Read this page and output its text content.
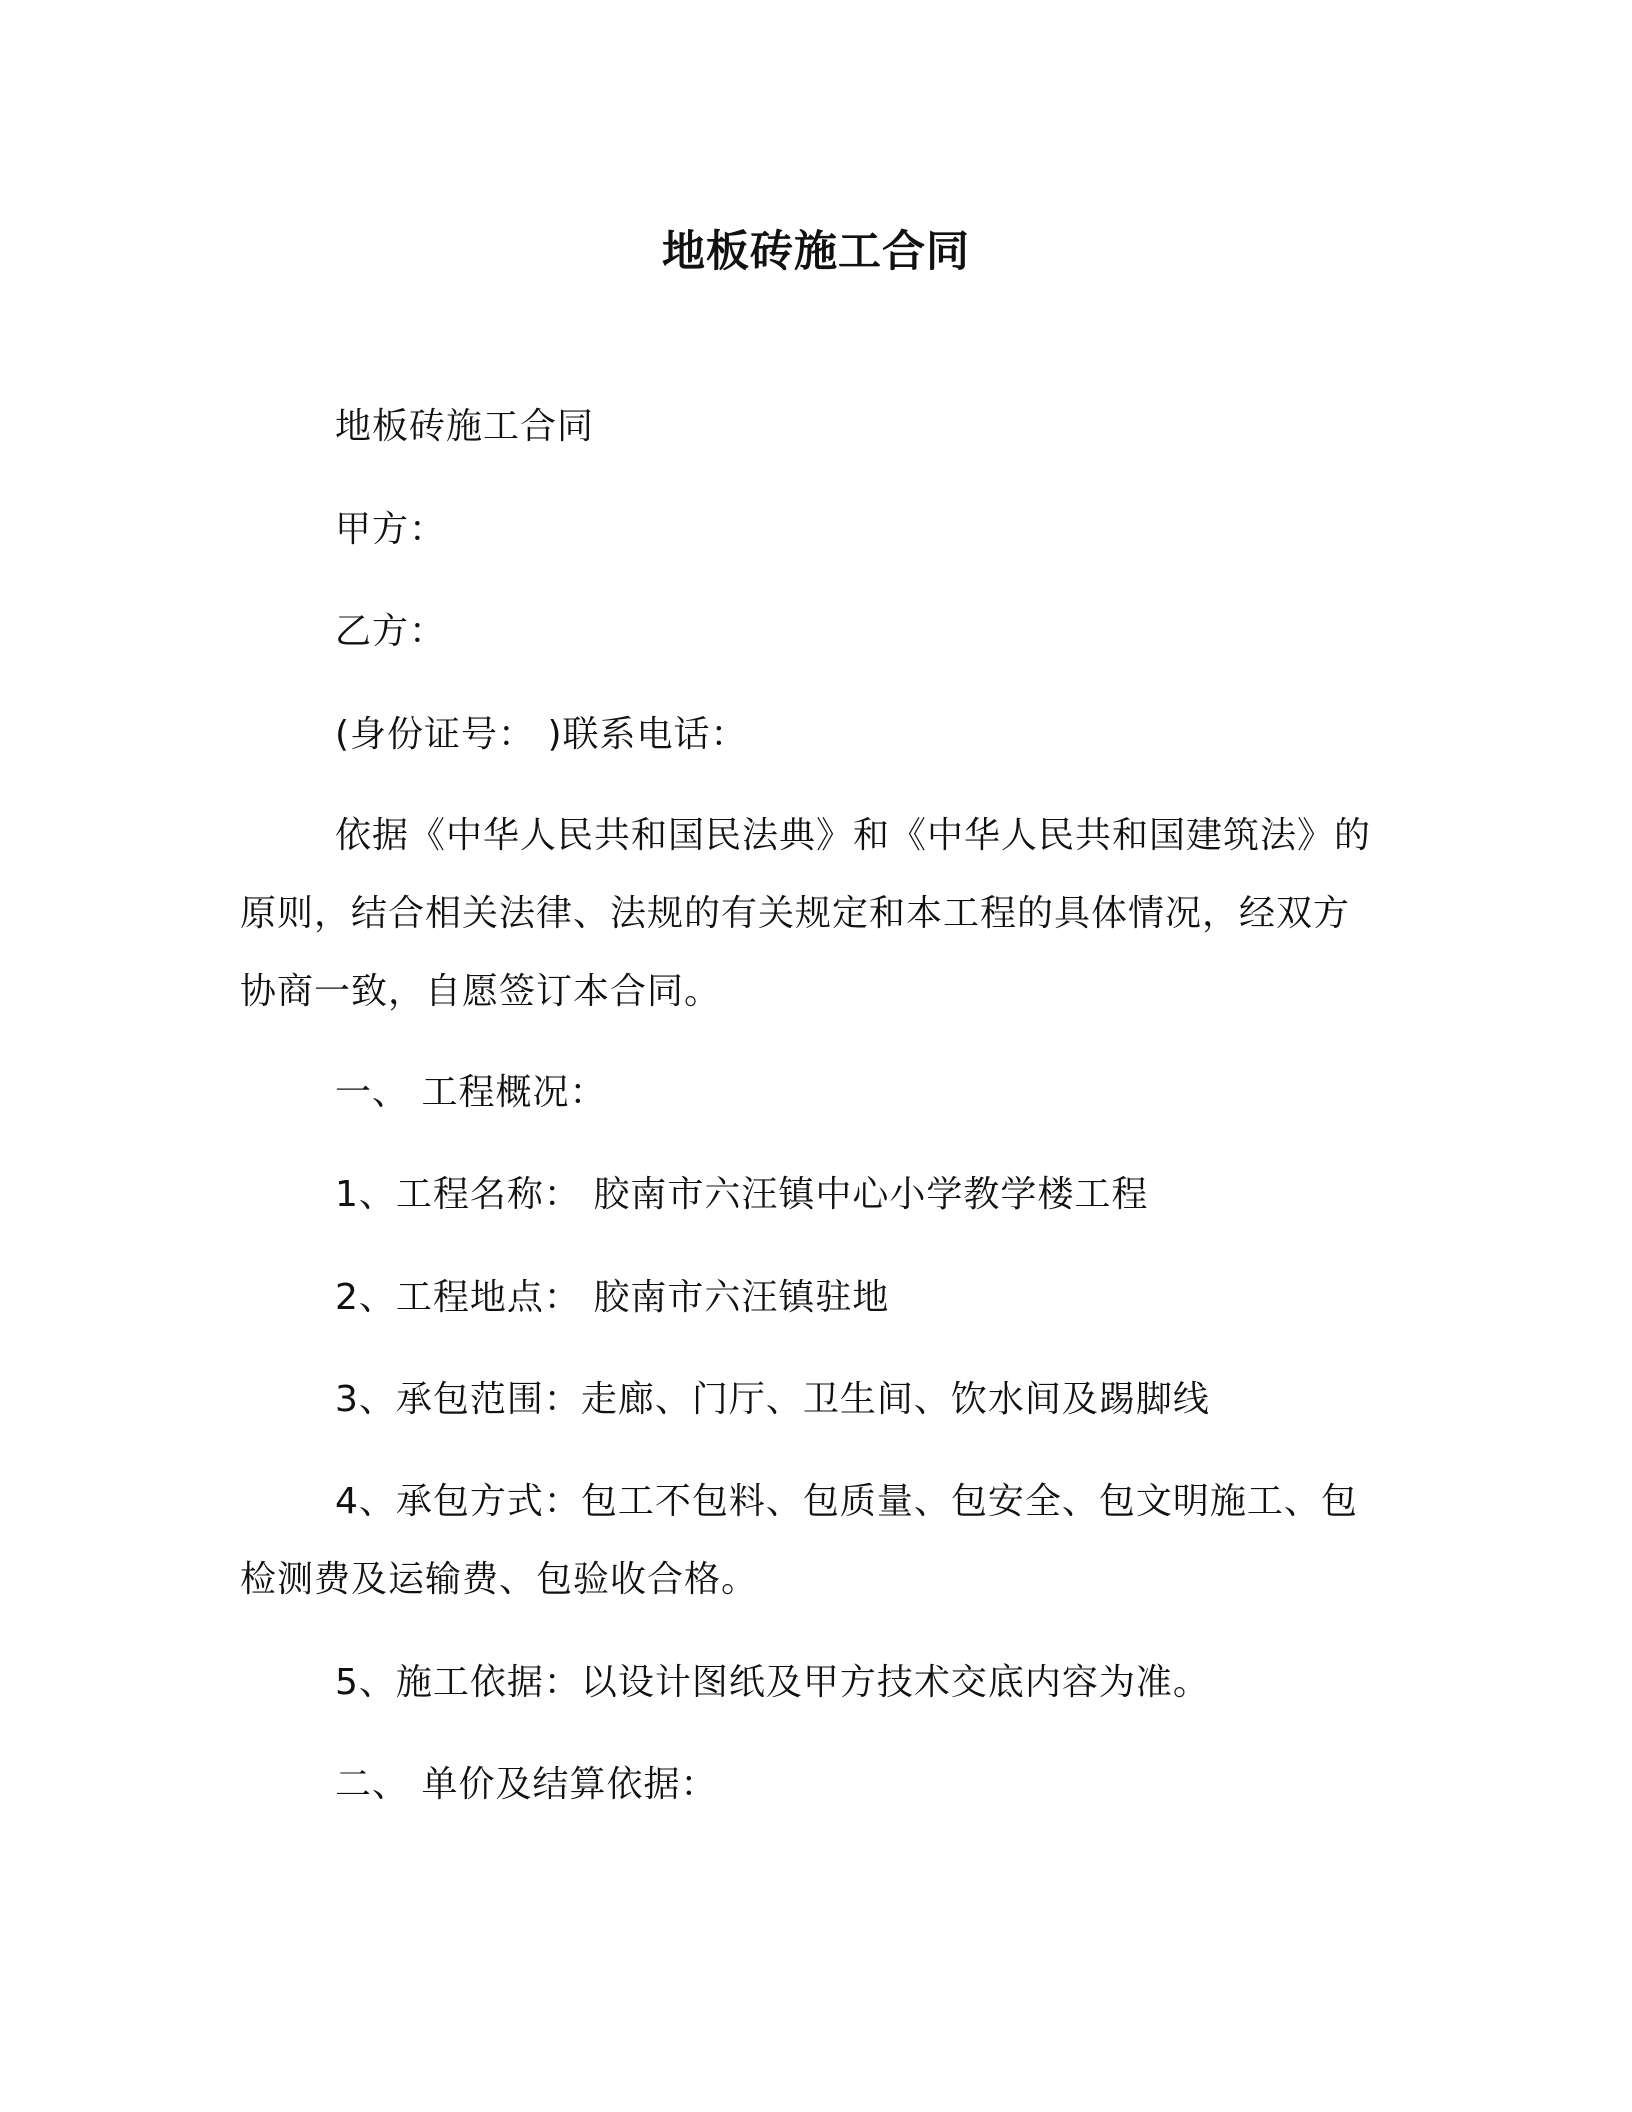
地板砖施工合同

地板砖施工合同

甲方：

乙方：

(身份证号： )联系电话：

依据《中华人民共和国民法典》和《中华人民共和国建筑法》的

原则，结合相关法律、法规的有关规定和本工程的具体情况，经双方

协商一致，自愿签订本合同。

一、 工程概况：

1、工程名称： 胶南市六汪镇中心小学教学楼工程

2、工程地点： 胶南市六汪镇驻地

3、承包范围：走廊、门厅、卫生间、饮水间及踢脚线

4、承包方式：包工不包料、包质量、包安全、包文明施工、包

检测费及运输费、包验收合格。

5、施工依据：以设计图纸及甲方技术交底内容为准。

二、 单价及结算依据：
